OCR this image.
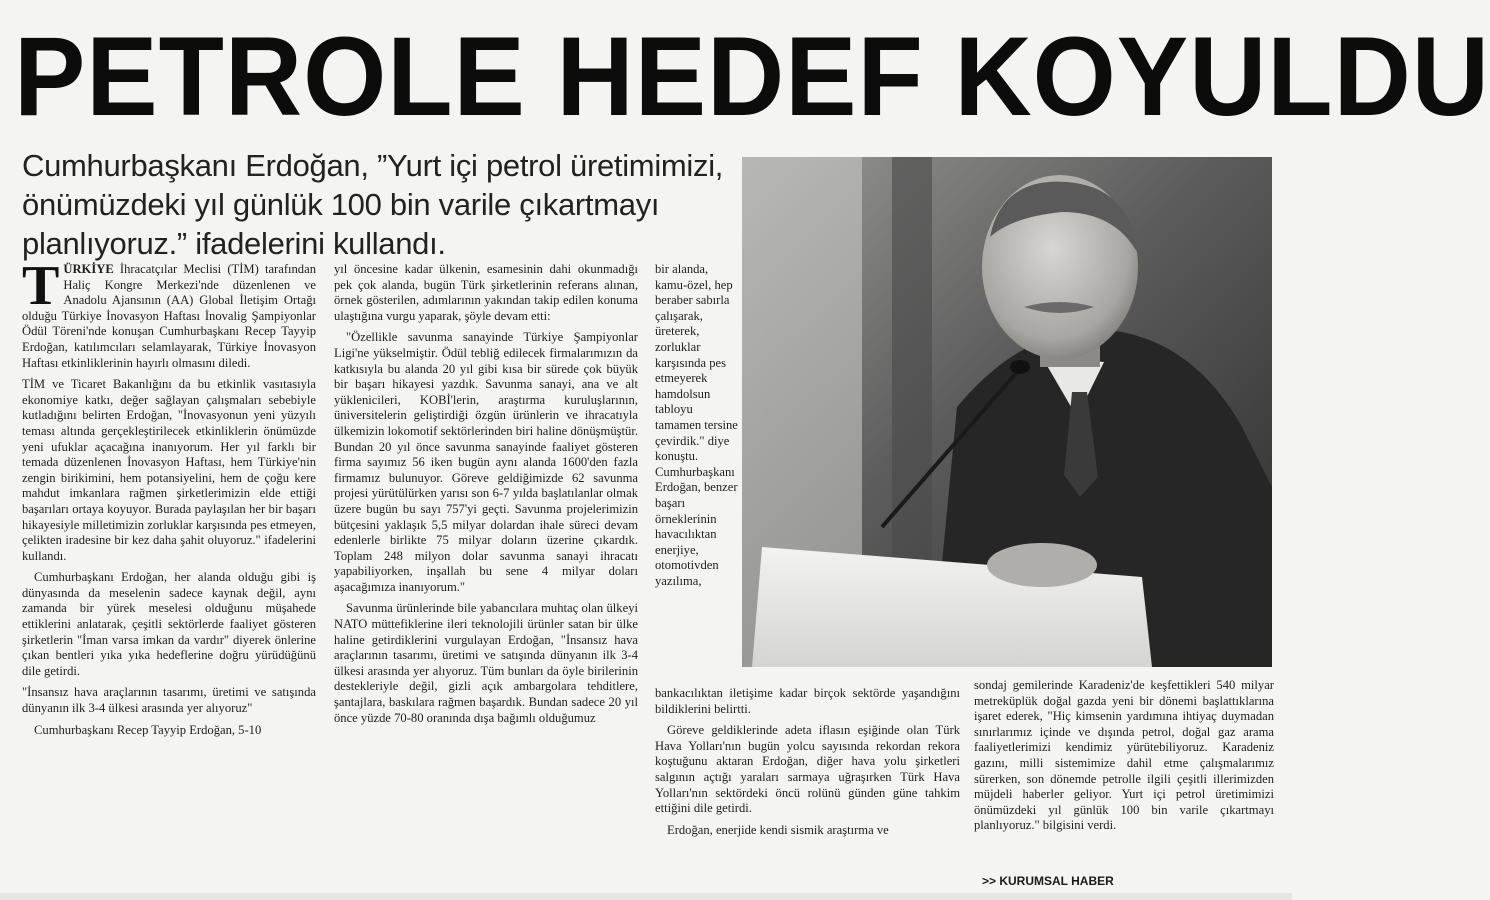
PETROLE HEDEF KOYULDU
Cumhurbaşkanı Erdoğan, ”Yurt içi petrol üretimimizi, önümüzdeki yıl günlük 100 bin varile çıkartmayı planlıyoruz.” ifadelerini kullandı.

TÜRKİYE İhracatçılar Meclisi (TİM) tarafından Haliç Kongre Merkezi'nde düzenlenen ve Anadolu Ajansının (AA) Global İletişim Ortağı olduğu Türkiye İnovasyon Haftası İnovalig Şampiyonlar Ödül Töreni'nde konuşan Cumhurbaşkanı Recep Tayyip Erdoğan, katılımcıları selamlayarak, Türkiye İnovasyon Haftası etkinliklerinin hayırlı olmasını diledi.

TİM ve Ticaret Bakanlığını da bu etkinlik vasıtasıyla ekonomiye katkı, değer sağlayan çalışmaları sebebiyle kutladığını belirten Erdoğan, "İnovasyonun yeni yüzyılı teması altında gerçekleştirilecek etkinliklerin önümüzde yeni ufuklar açacağına inanıyorum. Her yıl farklı bir temada düzenlenen İnovasyon Haftası, hem Türkiye'nin zengin birikimini, hem potansiyelini, hem de çoğu kere mahdut imkanlara rağmen şirketlerimizin elde ettiği başarıları ortaya koyuyor. Burada paylaşılan her bir başarı hikayesiyle milletimizin zorluklar karşısında pes etmeyen, çelikten iradesine bir kez daha şahit oluyoruz." ifadelerini kullandı.

Cumhurbaşkanı Erdoğan, her alanda olduğu gibi iş dünyasında da meselenin sadece kaynak değil, aynı zamanda bir yürek meselesi olduğunu müşahede ettiklerini anlatarak, çeşitli sektörlerde faaliyet gösteren şirketlerin "İman varsa imkan da vardır" diyerek önlerine çıkan bentleri yıka yıka hedeflerine doğru yürüdüğünü dile getirdi.

"İnsansız hava araçlarının tasarımı, üretimi ve satışında dünyanın ilk 3-4 ülkesi arasında yer alıyoruz"

Cumhurbaşkanı Recep Tayyip Erdoğan, 5-10

yıl öncesine kadar ülkenin, esamesinin dahi okunmadığı pek çok alanda, bugün Türk şirketlerinin referans alınan, örnek gösterilen, adımlarının yakından takip edilen konuma ulaştığına vurgu yaparak, şöyle devam etti:

"Özellikle savunma sanayinde Türkiye Şampiyonlar Ligi'ne yükselmiştir. Ödül tebliğ edilecek firmalarımızın da katkısıyla bu alanda 20 yıl gibi kısa bir sürede çok büyük bir başarı hikayesi yazdık. Savunma sanayi, ana ve alt yüklenicileri, KOBİ'lerin, araştırma kuruluşlarının, üniversitelerin geliştirdiği özgün ürünlerin ve ihracatıyla ülkemizin lokomotif sektörlerinden biri haline dönüşmüştür. Bundan 20 yıl önce savunma sanayinde faaliyet gösteren firma sayımız 56 iken bugün aynı alanda 1600'den fazla firmamız bulunuyor. Göreve geldiğimizde 62 savunma projesi yürütülürken yarısı son 6-7 yılda başlatılanlar olmak üzere bugün bu sayı 757'yi geçti. Savunma projelerimizin bütçesini yaklaşık 5,5 milyar dolardan ihale süreci devam edenlerle birlikte 75 milyar doların üzerine çıkardık. Toplam 248 milyon dolar savunma sanayi ihracatı yapabiliyorken, inşallah bu sene 4 milyar doları aşacağımıza inanıyorum."

Savunma ürünlerinde bile yabancılara muhtaç olan ülkeyi NATO müttefiklerine ileri teknolojili ürünler satan bir ülke haline getirdiklerini vurgulayan Erdoğan, "İnsansız hava araçlarının tasarımı, üretimi ve satışında dünyanın ilk 3-4 ülkesi arasında yer alıyoruz. Tüm bunları da öyle birilerinin destekleriyle değil, gizli açık ambargolara tehditlere, şantajlara, baskılara rağmen başardık. Bundan sadece 20 yıl önce yüzde 70-80 oranında dışa bağımlı olduğumuz

bir alanda, kamu-özel, hep beraber sabırla çalışarak, üreterek, zorluklar karşısında pes etmeyerek hamdolsun tabloyu tamamen tersine çevirdik." diye konuştu. Cumhurbaşkanı Erdoğan, benzer başarı örneklerinin havacılıktan enerjiye, otomotivden yazılıma,

bankacılıktan iletişime kadar birçok sektörde yaşandığını bildiklerini belirtti.

Göreve geldiklerinde adeta iflasın eşiğinde olan Türk Hava Yolları'nın bugün yolcu sayısında rekordan rekora koştuğunu aktaran Erdoğan, diğer hava yolu şirketleri salgının açtığı yaraları sarmaya uğraşırken Türk Hava Yolları'nın sektördeki öncü rolünü günden güne tahkim ettiğini dile getirdi.

Erdoğan, enerjide kendi sismik araştırma ve

sondaj gemilerinde Karadeniz'de keşfettikleri 540 milyar metreküplük doğal gazda yeni bir dönemi başlattıklarına işaret ederek, "Hiç kimsenin yardımına ihtiyaç duymadan sınırlarımız içinde ve dışında petrol, doğal gaz arama faaliyetlerimizi kendimiz yürütebiliyoruz. Karadeniz gazını, milli sistemimize dahil etme çalışmalarımız sürerken, son dönemde petrolle ilgili çeşitli illerimizden müjdeli haberler geliyor. Yurt içi petrol üretimimizi önümüzdeki yıl günlük 100 bin varile çıkartmayı planlıyoruz." bilgisini verdi.

>> KURUMSAL HABER
